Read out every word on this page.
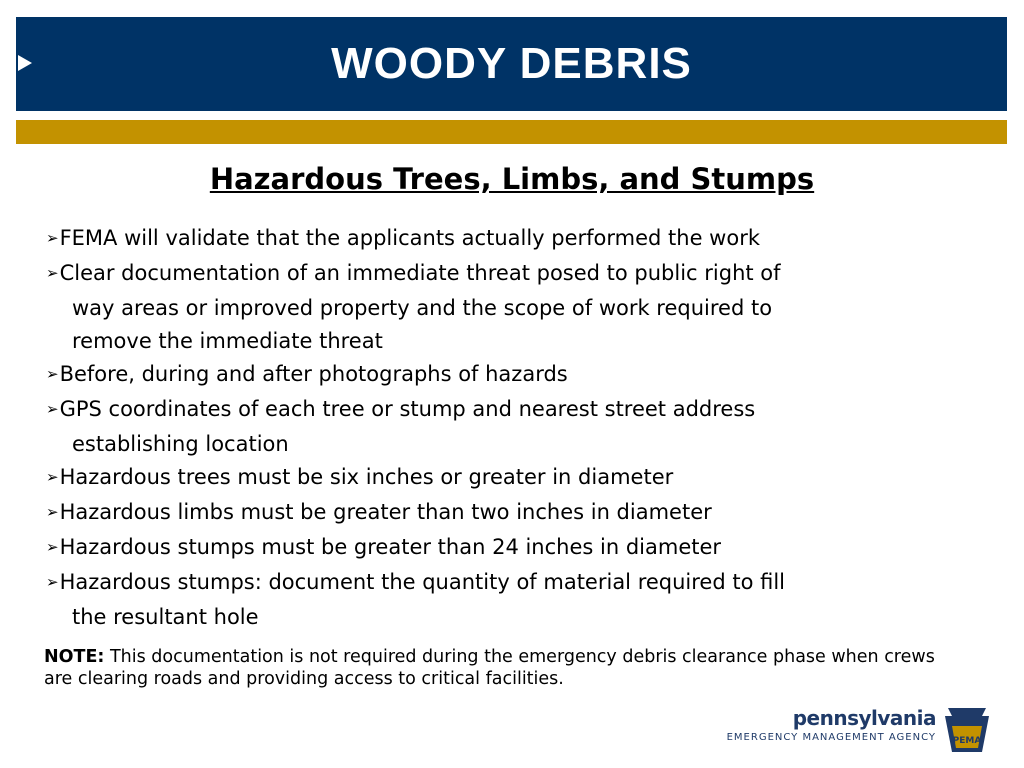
WOODY DEBRIS
Hazardous Trees, Limbs, and Stumps
➢FEMA will validate that the applicants actually performed the work
➢Clear documentation of an immediate threat posed to public right of
way areas or improved property and the scope of work required to
remove the immediate threat
➢Before, during and after photographs of hazards
➢GPS coordinates of each tree or stump and nearest street address
establishing location
➢Hazardous trees must be six inches or greater in diameter
➢Hazardous limbs must be greater than two inches in diameter
➢Hazardous stumps must be greater than 24 inches in diameter
➢Hazardous stumps: document the quantity of material required to fill
the resultant hole
NOTE: This documentation is not required during the emergency debris clearance phase when crews are clearing roads and providing access to critical facilities.
pennsylvania
EMERGENCY MANAGEMENT AGENCY PEMA
